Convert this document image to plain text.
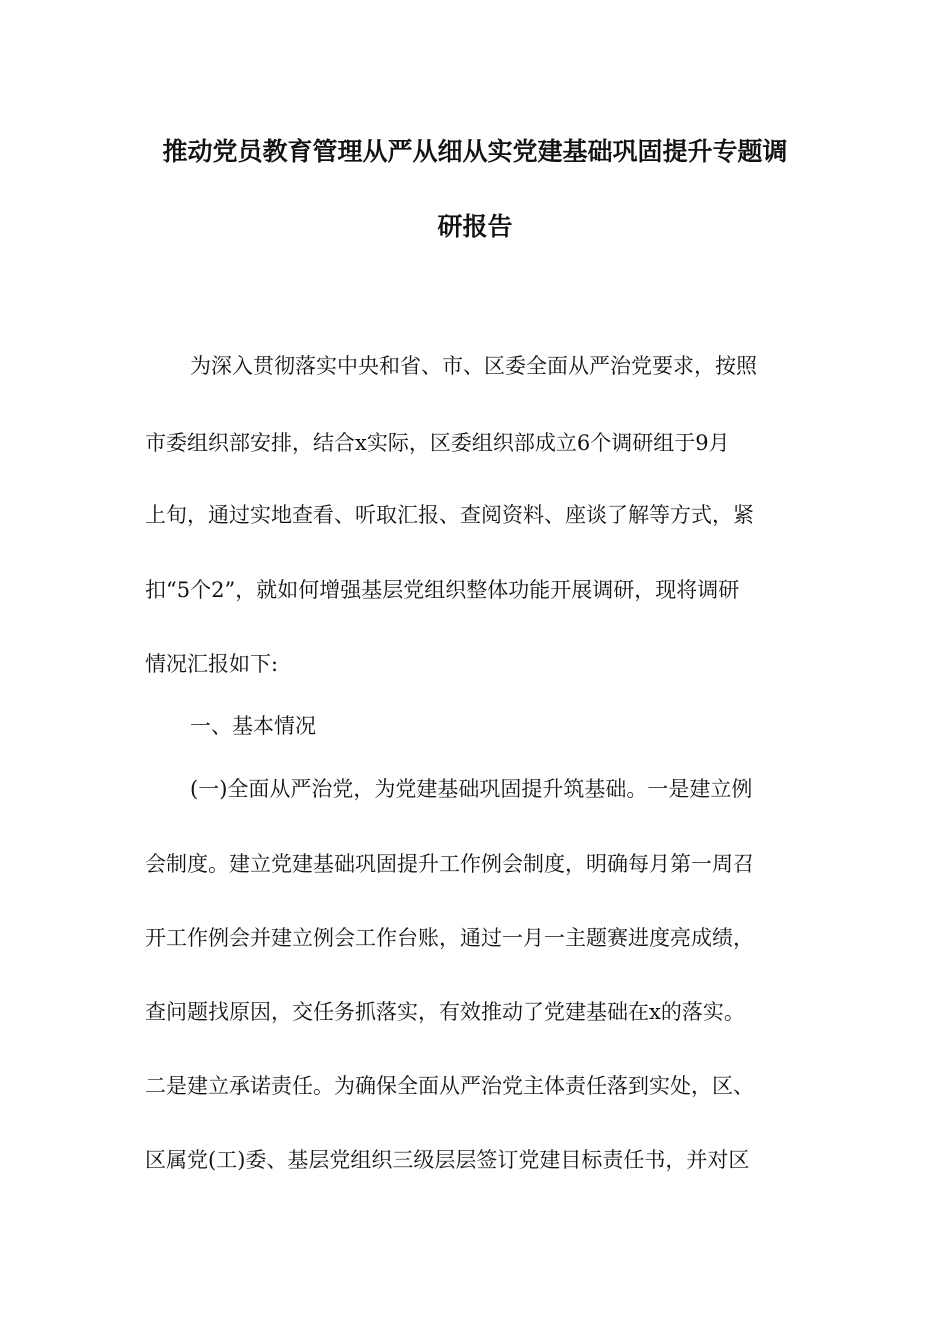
推动党员教育管理从严从细从实党建基础巩固提升专题调
研报告
为深入贯彻落实中央和省、市、区委全面从严治党要求，按照
市委组织部安排，结合x实际，区委组织部成立6个调研组于9月
上旬，通过实地查看、听取汇报、查阅资料、座谈了解等方式，紧
扣“5个2”，就如何增强基层党组织整体功能开展调研，现将调研
情况汇报如下:
一、基本情况
(一)全面从严治党，为党建基础巩固提升筑基础。一是建立例
会制度。建立党建基础巩固提升工作例会制度，明确每月第一周召
开工作例会并建立例会工作台账，通过一月一主题赛进度亮成绩，
查问题找原因，交任务抓落实，有效推动了党建基础在x的落实。
二是建立承诺责任。为确保全面从严治党主体责任落到实处，区、
区属党(工)委、基层党组织三级层层签订党建目标责任书，并对区
